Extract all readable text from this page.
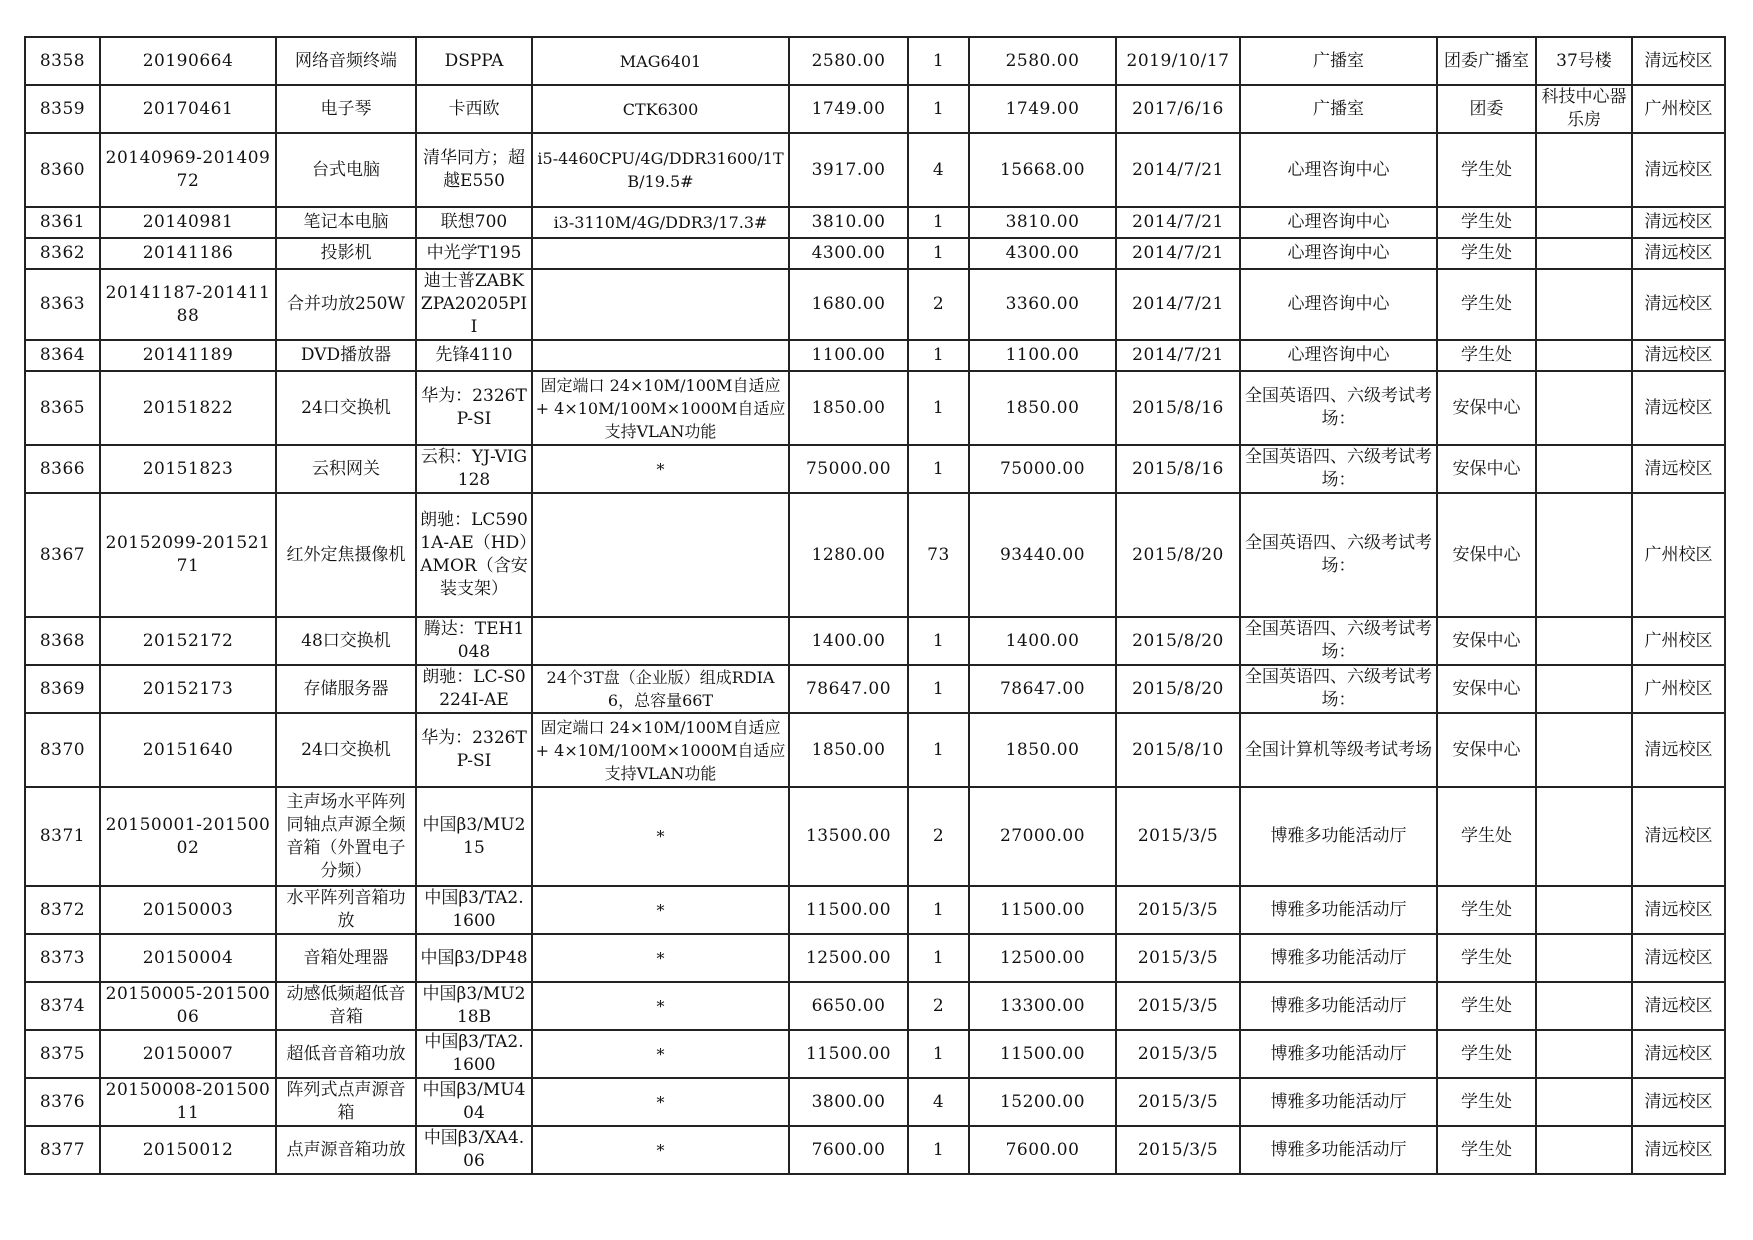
8358	20190664	网络音频终端	DSPPA	MAG6401	2580.00	1	2580.00	2019/10/17	广播室	团委广播室	37号楼	清远校区
8359	20170461	电子琴	卡西欧	CTK6300	1749.00	1	1749.00	2017/6/16	广播室	团委	科技中心器乐房	广州校区
8360	20140969-20140972	台式电脑	清华同方；超越E550	i5-4460CPU/4G/DDR31600/1TB/19.5#	3917.00	4	15668.00	2014/7/21	心理咨询中心	学生处		清远校区
8361	20140981	笔记本电脑	联想700	i3-3110M/4G/DDR3/17.3#	3810.00	1	3810.00	2014/7/21	心理咨询中心	学生处		清远校区
8362	20141186	投影机	中光学T195		4300.00	1	4300.00	2014/7/21	心理咨询中心	学生处		清远校区
8363	20141187-20141188	合并功放250W	迪士普ZABKZPA20205PII		1680.00	2	3360.00	2014/7/21	心理咨询中心	学生处		清远校区
8364	20141189	DVD播放器	先锋4110		1100.00	1	1100.00	2014/7/21	心理咨询中心	学生处		清远校区
8365	20151822	24口交换机	华为：2326TP-SI	固定端口 24×10M/100M自适应+ 4×10M/100M×1000M自适应 支持VLAN功能	1850.00	1	1850.00	2015/8/16	全国英语四、六级考试考场：	安保中心		清远校区
8366	20151823	云积网关	云积：YJ-VIG128	*	75000.00	1	75000.00	2015/8/16	全国英语四、六级考试考场：	安保中心		清远校区
8367	20152099-20152171	红外定焦摄像机	朗驰：LC5901A-AE（HD）AMOR（含安装支架）		1280.00	73	93440.00	2015/8/20	全国英语四、六级考试考场：	安保中心		广州校区
8368	20152172	48口交换机	腾达：TEH1048		1400.00	1	1400.00	2015/8/20	全国英语四、六级考试考场：	安保中心		广州校区
8369	20152173	存储服务器	朗驰：LC-S0224I-AE	24个3T盘（企业版）组成RDIA6，总容量66T	78647.00	1	78647.00	2015/8/20	全国英语四、六级考试考场：	安保中心		广州校区
8370	20151640	24口交换机	华为：2326TP-SI	固定端口 24×10M/100M自适应+ 4×10M/100M×1000M自适应 支持VLAN功能	1850.00	1	1850.00	2015/8/10	全国计算机等级考试考场	安保中心		清远校区
8371	20150001-20150002	主声场水平阵列同轴点声源全频音箱（外置电子分频）	中国β3/MU215	*	13500.00	2	27000.00	2015/3/5	博雅多功能活动厅	学生处		清远校区
8372	20150003	水平阵列音箱功放	中国β3/TA2.1600	*	11500.00	1	11500.00	2015/3/5	博雅多功能活动厅	学生处		清远校区
8373	20150004	音箱处理器	中国β3/DP48	*	12500.00	1	12500.00	2015/3/5	博雅多功能活动厅	学生处		清远校区
8374	20150005-20150006	动感低频超低音音箱	中国β3/MU218B	*	6650.00	2	13300.00	2015/3/5	博雅多功能活动厅	学生处		清远校区
8375	20150007	超低音音箱功放	中国β3/TA2.1600	*	11500.00	1	11500.00	2015/3/5	博雅多功能活动厅	学生处		清远校区
8376	20150008-20150011	阵列式点声源音箱	中国β3/MU404	*	3800.00	4	15200.00	2015/3/5	博雅多功能活动厅	学生处		清远校区
8377	20150012	点声源音箱功放	中国β3/XA4.06	*	7600.00	1	7600.00	2015/3/5	博雅多功能活动厅	学生处		清远校区
